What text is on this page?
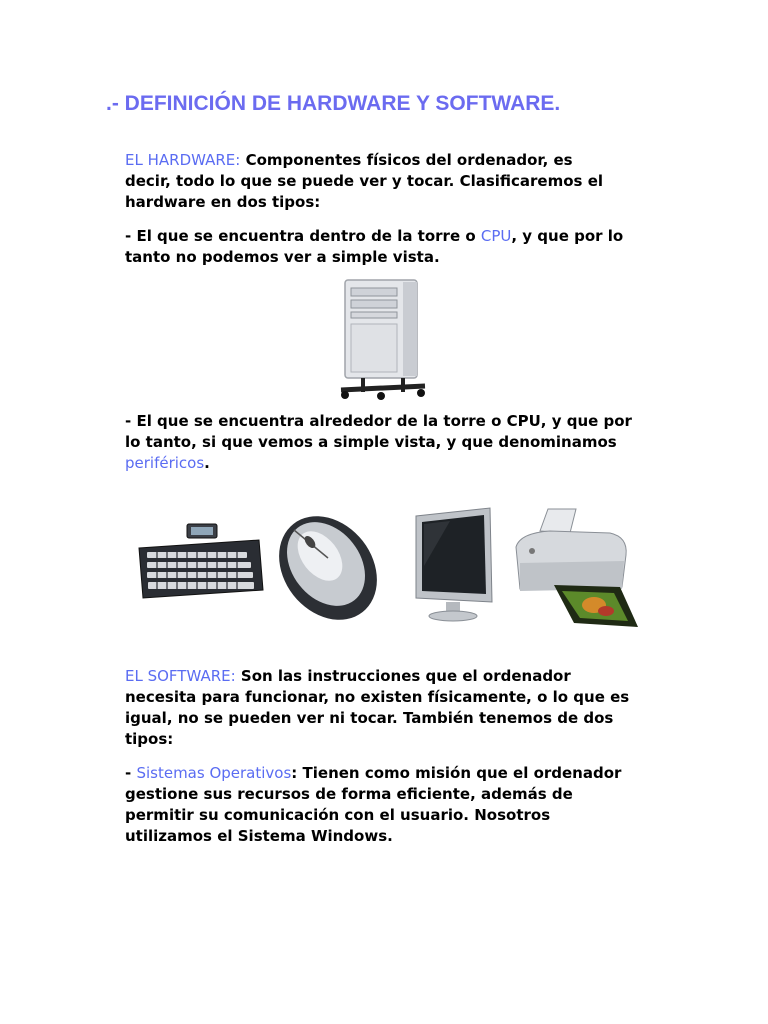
.- DEFINICIÓN DE HARDWARE Y SOFTWARE.

EL HARDWARE: Componentes físicos del ordenador, es
decir, todo lo que se puede ver y tocar. Clasificaremos el
hardware en dos tipos:

- El que se encuentra dentro de la torre o CPU, y que por lo
tanto no podemos ver a simple vista.

- El que se encuentra alrededor de la torre o CPU, y que por
lo tanto, si que vemos a simple vista, y que denominamos
periféricos.

EL SOFTWARE: Son las instrucciones que el ordenador
necesita para funcionar, no existen físicamente, o lo que es
igual, no se pueden ver ni tocar. También tenemos de dos
tipos:

- Sistemas Operativos: Tienen como misión que el ordenador
gestione sus recursos de forma eficiente, además de
permitir su comunicación con el usuario. Nosotros
utilizamos el Sistema Windows.
